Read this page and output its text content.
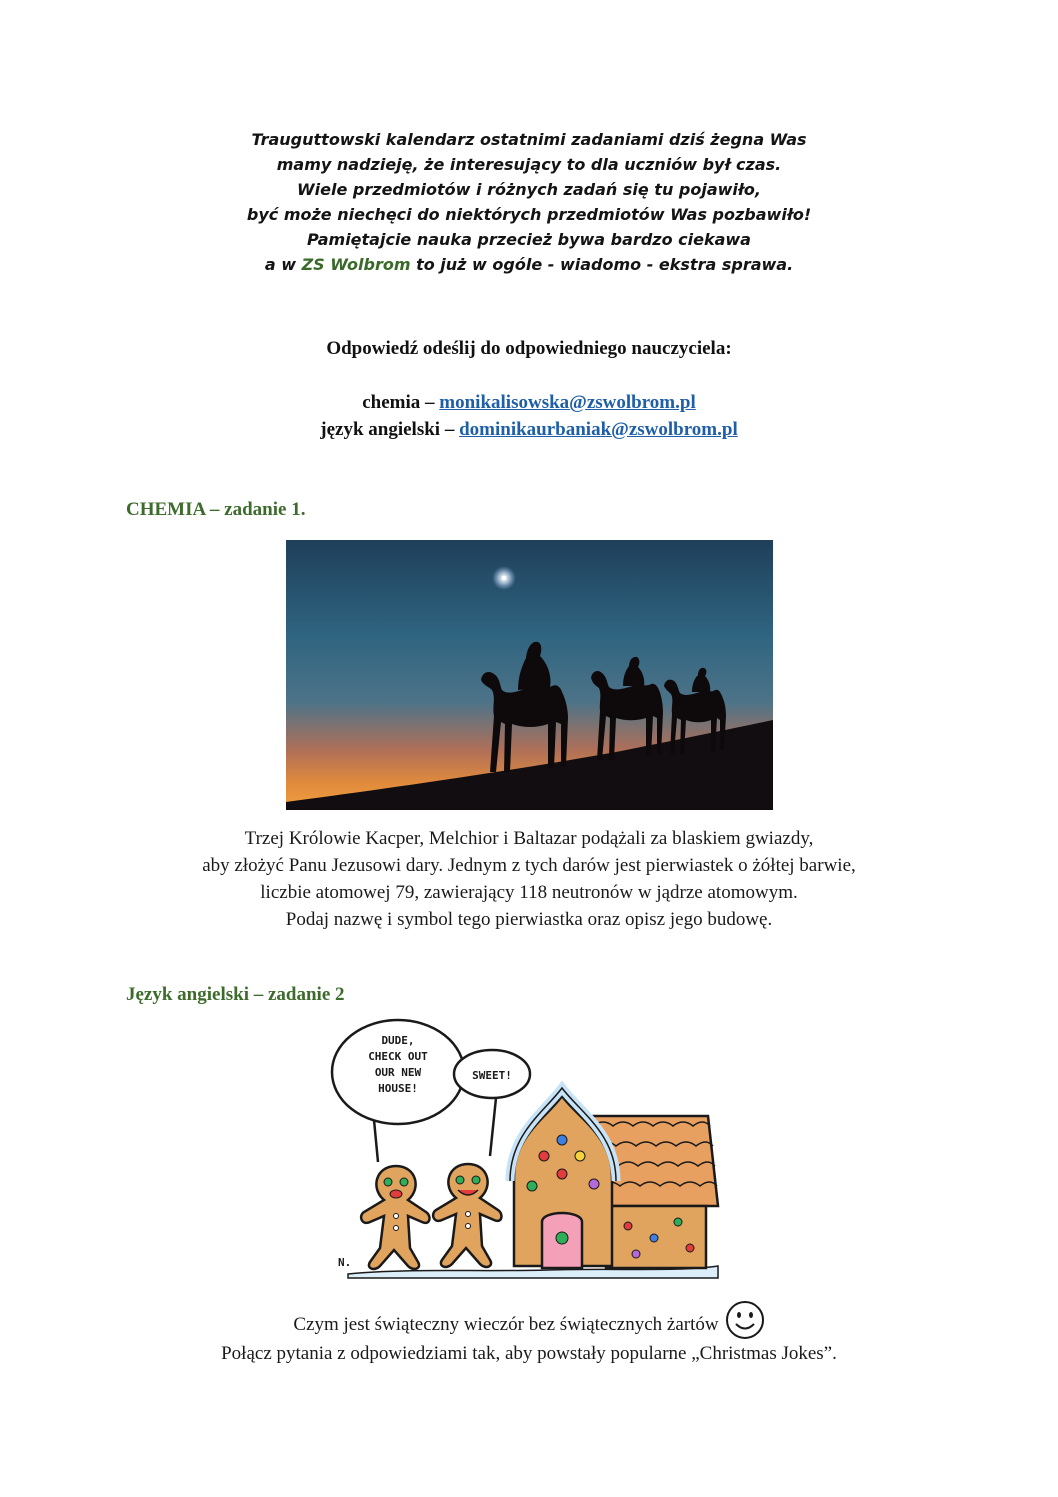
Trauguttowski kalendarz ostatnimi zadaniami dziś żegna Was
mamy nadzieję, że interesujący to dla uczniów był czas.
Wiele przedmiotów i różnych zadań się tu pojawiło,
być może niechęci do niektórych przedmiotów Was pozbawiło!
Pamiętajcie nauka przecież bywa bardzo ciekawa
a w ZS Wolbrom to już w ogóle - wiadomo - ekstra sprawa.
Odpowiedź odeślij do odpowiedniego nauczyciela:
chemia – monikalisowska@zswolbrom.pl
język angielski – dominikaurbaniak@zswolbrom.pl
CHEMIA – zadanie 1.
Trzej Królowie Kacper, Melchior i Baltazar podążali za blaskiem gwiazdy,
aby złożyć Panu Jezusowi dary. Jednym z tych darów jest pierwiastek o żółtej barwie,
liczbie atomowej 79, zawierający 118 neutronów w jądrze atomowym.
Podaj nazwę i symbol tego pierwiastka oraz opisz jego budowę.
Język angielski – zadanie 2
DUDE,
CHECK OUT
OUR NEW
HOUSE!
SWEET!
N.
Czym jest świąteczny wieczór bez świątecznych żartów
Połącz pytania z odpowiedziami tak, aby powstały popularne „Christmas Jokes”.
